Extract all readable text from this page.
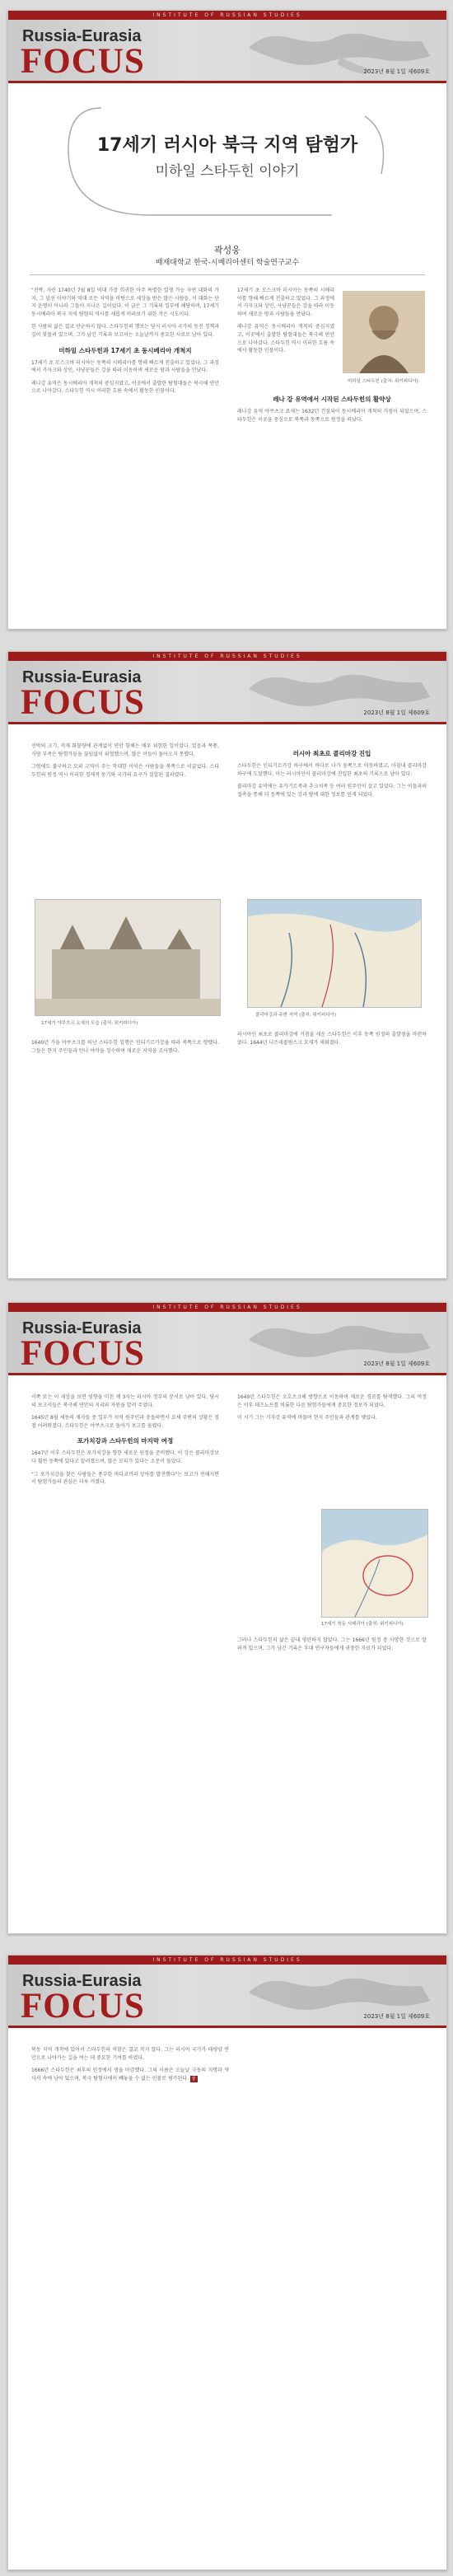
INSTITUTE OF RUSSIAN STUDIES
Russia-Eurasia
FOCUS	2023년 8월 1일 제609호
17세기 러시아 북극 지역 탐험가
미하일 스타두힌 이야기
곽성웅
배재대학교 한국-시베리아센터 학술연구교수

"전략, 자산 1740년 7월 8일 역대 가장 희귀한 아주 특별한 일생 가능 자연 대화의 가지, 그 앞선 이야기와 역대 모든 지역을 바탕으로 세상을 받은 많은 사람들, 이 대화는 단지 운명이 아니라 그들이 지나온 길이었다. 이 글은 그 기록의 일부에 해당하며, 17세기 동시베리아 북극 지역 탐험의 역사를 새롭게 바라보기 위한 작은 시도이다.

한 사람의 삶은 결코 단순하지 않다. 스타두힌의 행보는 당시 러시아 국가의 동진 정책과 깊이 맞물려 있으며, 그가 남긴 기록과 보고서는 오늘날까지 중요한 사료로 남아 있다.

미하일 스타두힌과 17세기 초 동시베리아 개척지

17세기 초 모스크바 러시아는 동쪽의 시베리아를 향해 빠르게 진출하고 있었다. 그 과정에서 카자크와 상인, 사냥꾼들은 강을 따라 이동하며 새로운 땅과 사람들을 만났다.

레나강 유역은 동시베리아 개척의 중심지였고, 이곳에서 출발한 탐험대들은 북극해 연안으로 나아갔다. 스타두힌 역시 이러한 흐름 속에서 활동한 인물이다.

미하일 스타두힌 (출처: 위키피디아)

17세기 초 모스크바 러시아는 동쪽의 시베리아를 향해 빠르게 진출하고 있었다. 그 과정에서 카자크와 상인, 사냥꾼들은 강을 따라 이동하며 새로운 땅과 사람들을 만났다.

레나강 유역은 동시베리아 개척의 중심지였고, 이곳에서 출발한 탐험대들은 북극해 연안으로 나아갔다. 스타두힌 역시 이러한 흐름 속에서 활동한 인물이다.

레나 강 유역에서 시작된 스타두힌의 활약상

레나강 유역 야쿠츠크 요새는 1632년 건설되어 동시베리아 개척의 거점이 되었으며, 스타두힌은 이곳을 중심으로 북쪽과 동쪽으로 원정을 떠났다.

INSTITUTE OF RUSSIAN STUDIES
Russia-Eurasia
FOCUS	2023년 8월 1일 제609호

선박의 크기, 적재 화물량에 관계없이 연안 항해는 매우 위험한 일이었다. 얼음과 폭풍, 식량 부족은 탐험가들을 끊임없이 위협했으며, 많은 이들이 돌아오지 못했다.

그럼에도 불구하고 모피 교역이 주는 막대한 이익은 사람들을 북쪽으로 이끌었다. 스타두힌의 원정 역시 이러한 경제적 동기와 국가의 요구가 결합된 결과였다.

17세기 야쿠츠크 요새의 모습 (출처: 위키피디아)

1640년 가을 야쿠츠크를 떠난 스타두힌 일행은 인디기르카강을 따라 북쪽으로 향했다. 그들은 현지 주민들과 만나 야삭을 징수하며 새로운 지역을 조사했다.

러시아 최초로 콜리마강 진입

스타두힌은 인디기르카강 하구에서 바다로 나가 동쪽으로 이동하였고, 마침내 콜리마강 하구에 도달했다. 이는 러시아인이 콜리마강에 진입한 최초의 기록으로 남아 있다.

콜리마강 유역에는 유카기르족과 추크치족 등 여러 원주민이 살고 있었다. 그는 이들과의 접촉을 통해 더 동쪽에 있는 강과 땅에 대한 정보를 얻게 되었다.

콜리마강과 주변 지역 (출처: 위키피디아)

러시아인 최초로 콜리마강에 거점을 세운 스타두힌은 이후 동쪽 원정의 출발점을 마련하였다. 1644년 니즈네콜림스크 요새가 세워졌다.

INSTITUTE OF RUSSIAN STUDIES
Russia-Eurasia
FOCUS	2023년 8월 1일 제609호

서쪽 또는 이 세상을 보면 영향을 미친 제 3자는 러시아 정부의 문서로 남아 있다. 당시의 보고서들은 북극해 연안의 지리와 자원을 알려 주었다.

1645년 8월 세동의 재자들 중 일부가 지역 원주민과 충돌하면서 요새 주변의 상황은 점점 어려워졌다. 스타두힌은 야쿠츠크로 돌아가 보고를 올렸다.

포가치강과 스타두힌의 마지막 여정

1647년 이후 스타두힌은 포가치강을 향한 새로운 원정을 준비했다. 이 강은 콜리마강보다 훨씬 동쪽에 있다고 알려졌으며, 많은 모피가 있다는 소문이 돌았다.

"그 포가치강을 찾은 사람들은 풍부한 바다코끼리 상아를 발견했다"는 보고가 전해지면서 탐험가들의 관심은 더욱 커졌다.

1649년 스타두힌은 오호츠크해 방향으로 이동하며 새로운 경로를 탐색했다. 그의 여정은 이후 데즈뇨프를 비롯한 다른 탐험가들에게 중요한 정보가 되었다.

이 시기 그는 기자강 유역에 머물며 현지 주민들과 관계를 맺었다.

17세기 북동 시베리아 (출처: 위키피디아)

그러나 스타두힌의 삶은 끝내 평탄하지 않았다. 그는 1666년 원정 중 사망한 것으로 알려져 있으며, 그가 남긴 기록은 후대 연구자들에게 귀중한 자료가 되었다.

INSTITUTE OF RUSSIAN STUDIES
Russia-Eurasia
FOCUS	2023년 8월 1일 제609호

북동 지역 개척에 있어서 스타두힌의 역할은 결코 작지 않다. 그는 러시아 국가가 태평양 연안으로 나아가는 길을 여는 데 중요한 기여를 하였다.

1666년 스타두힌은 최후의 원정에서 생을 마감했다. 그의 이름은 오늘날 극동의 지명과 역사서 속에 남아 있으며, 북극 탐험사에서 빼놓을 수 없는 인물로 평가된다. 끝
